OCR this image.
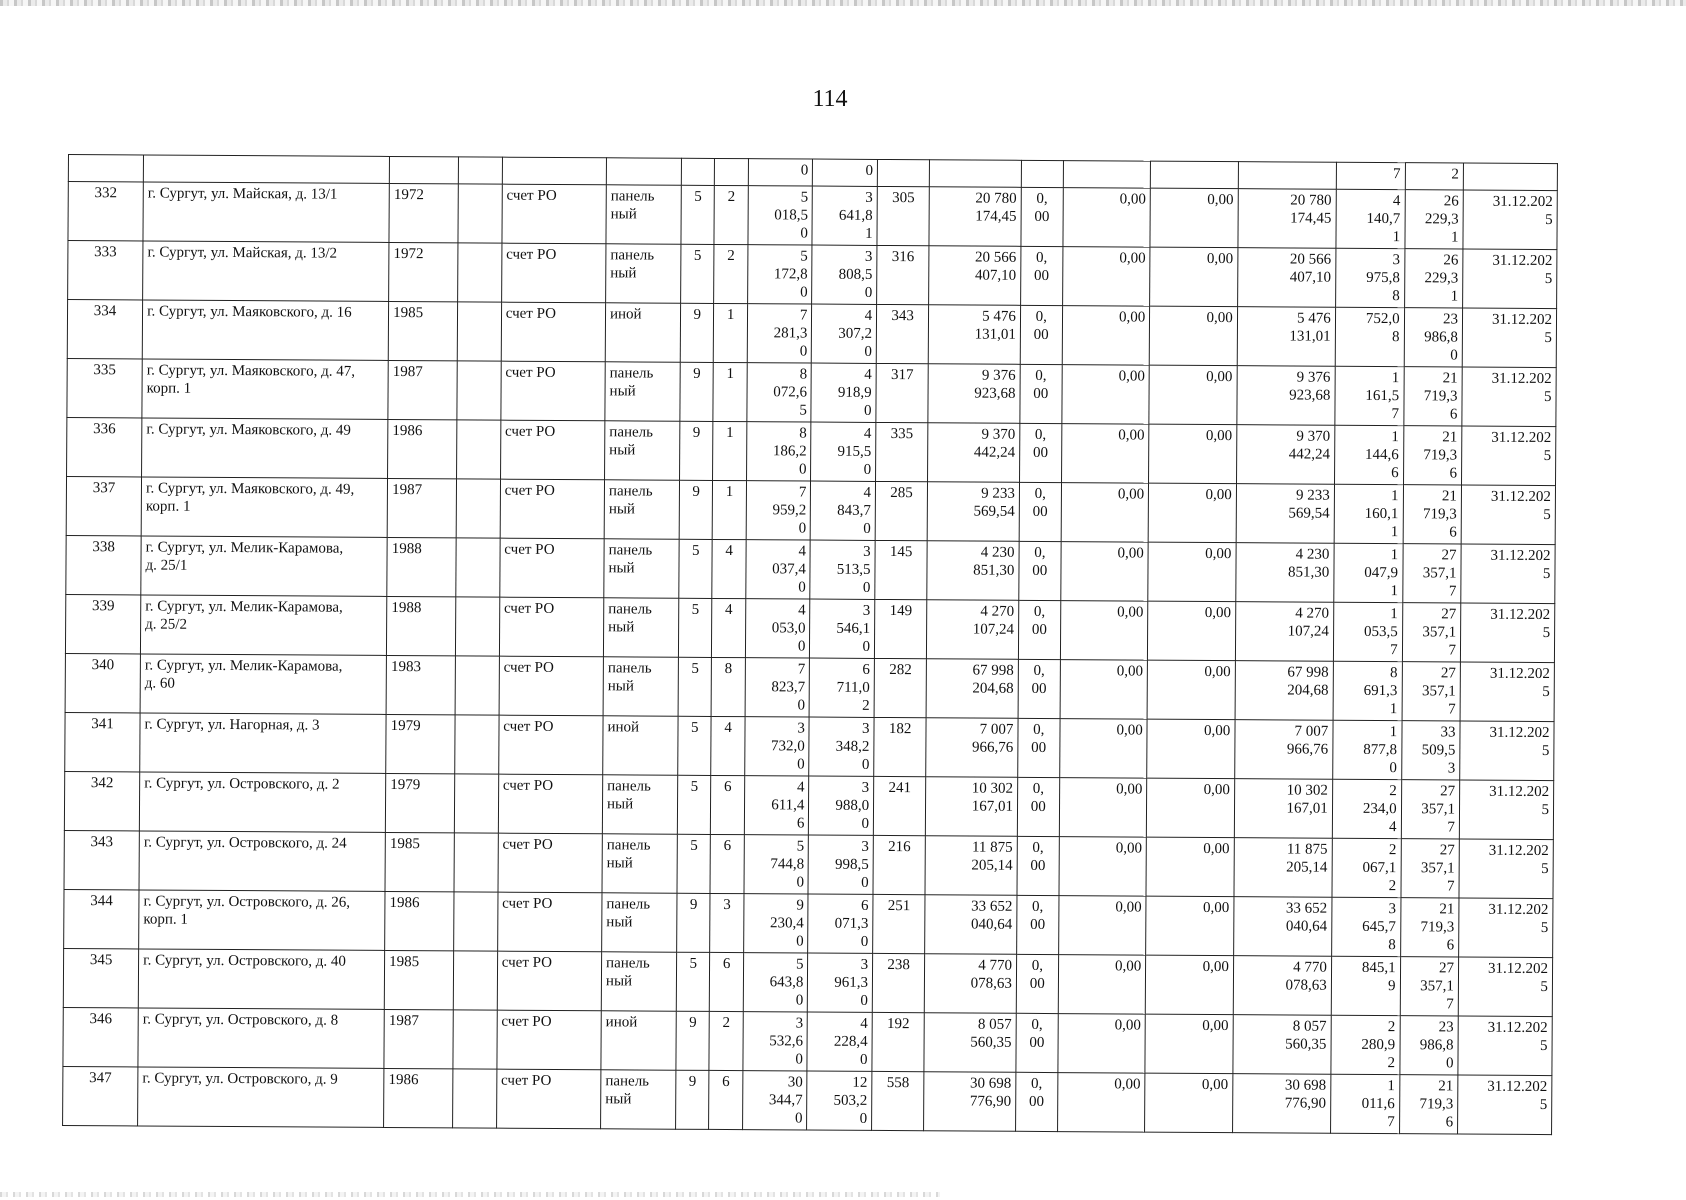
114
								0	0							7	2	
332	г. Сургут, ул. Майская, д. 13/1	1972		счет РО	панель
ный	5	2	5
018,5
0	3
641,8
1	305	20 780
174,45	0,
00	0,00	0,00	20 780
174,45	4
140,7
1	26
229,3
1	31.12.202
5
333	г. Сургут, ул. Майская, д. 13/2	1972		счет РО	панель
ный	5	2	5
172,8
0	3
808,5
0	316	20 566
407,10	0,
00	0,00	0,00	20 566
407,10	3
975,8
8	26
229,3
1	31.12.202
5
334	г. Сургут, ул. Маяковского, д. 16	1985		счет РО	иной	9	1	7
281,3
0	4
307,2
0	343	5 476
131,01	0,
00	0,00	0,00	5 476
131,01	752,0
8	23
986,8
0	31.12.202
5
335	г. Сургут, ул. Маяковского, д. 47,
корп. 1	1987		счет РО	панель
ный	9	1	8
072,6
5	4
918,9
0	317	9 376
923,68	0,
00	0,00	0,00	9 376
923,68	1
161,5
7	21
719,3
6	31.12.202
5
336	г. Сургут, ул. Маяковского, д. 49	1986		счет РО	панель
ный	9	1	8
186,2
0	4
915,5
0	335	9 370
442,24	0,
00	0,00	0,00	9 370
442,24	1
144,6
6	21
719,3
6	31.12.202
5
337	г. Сургут, ул. Маяковского, д. 49,
корп. 1	1987		счет РО	панель
ный	9	1	7
959,2
0	4
843,7
0	285	9 233
569,54	0,
00	0,00	0,00	9 233
569,54	1
160,1
1	21
719,3
6	31.12.202
5
338	г. Сургут, ул. Мелик-Карамова,
д. 25/1	1988		счет РО	панель
ный	5	4	4
037,4
0	3
513,5
0	145	4 230
851,30	0,
00	0,00	0,00	4 230
851,30	1
047,9
1	27
357,1
7	31.12.202
5
339	г. Сургут, ул. Мелик-Карамова,
д. 25/2	1988		счет РО	панель
ный	5	4	4
053,0
0	3
546,1
0	149	4 270
107,24	0,
00	0,00	0,00	4 270
107,24	1
053,5
7	27
357,1
7	31.12.202
5
340	г. Сургут, ул. Мелик-Карамова,
д. 60	1983		счет РО	панель
ный	5	8	7
823,7
0	6
711,0
2	282	67 998
204,68	0,
00	0,00	0,00	67 998
204,68	8
691,3
1	27
357,1
7	31.12.202
5
341	г. Сургут, ул. Нагорная, д. 3	1979		счет РО	иной	5	4	3
732,0
0	3
348,2
0	182	7 007
966,76	0,
00	0,00	0,00	7 007
966,76	1
877,8
0	33
509,5
3	31.12.202
5
342	г. Сургут, ул. Островского, д. 2	1979		счет РО	панель
ный	5	6	4
611,4
6	3
988,0
0	241	10 302
167,01	0,
00	0,00	0,00	10 302
167,01	2
234,0
4	27
357,1
7	31.12.202
5
343	г. Сургут, ул. Островского, д. 24	1985		счет РО	панель
ный	5	6	5
744,8
0	3
998,5
0	216	11 875
205,14	0,
00	0,00	0,00	11 875
205,14	2
067,1
2	27
357,1
7	31.12.202
5
344	г. Сургут, ул. Островского, д. 26,
корп. 1	1986		счет РО	панель
ный	9	3	9
230,4
0	6
071,3
0	251	33 652
040,64	0,
00	0,00	0,00	33 652
040,64	3
645,7
8	21
719,3
6	31.12.202
5
345	г. Сургут, ул. Островского, д. 40	1985		счет РО	панель
ный	5	6	5
643,8
0	3
961,3
0	238	4 770
078,63	0,
00	0,00	0,00	4 770
078,63	845,1
9	27
357,1
7	31.12.202
5
346	г. Сургут, ул. Островского, д. 8	1987		счет РО	иной	9	2	3
532,6
0	4
228,4
0	192	8 057
560,35	0,
00	0,00	0,00	8 057
560,35	2
280,9
2	23
986,8
0	31.12.202
5
347	г. Сургут, ул. Островского, д. 9	1986		счет РО	панель
ный	9	6	30
344,7
0	12
503,2
0	558	30 698
776,90	0,
00	0,00	0,00	30 698
776,90	1
011,6
7	21
719,3
6	31.12.202
5
